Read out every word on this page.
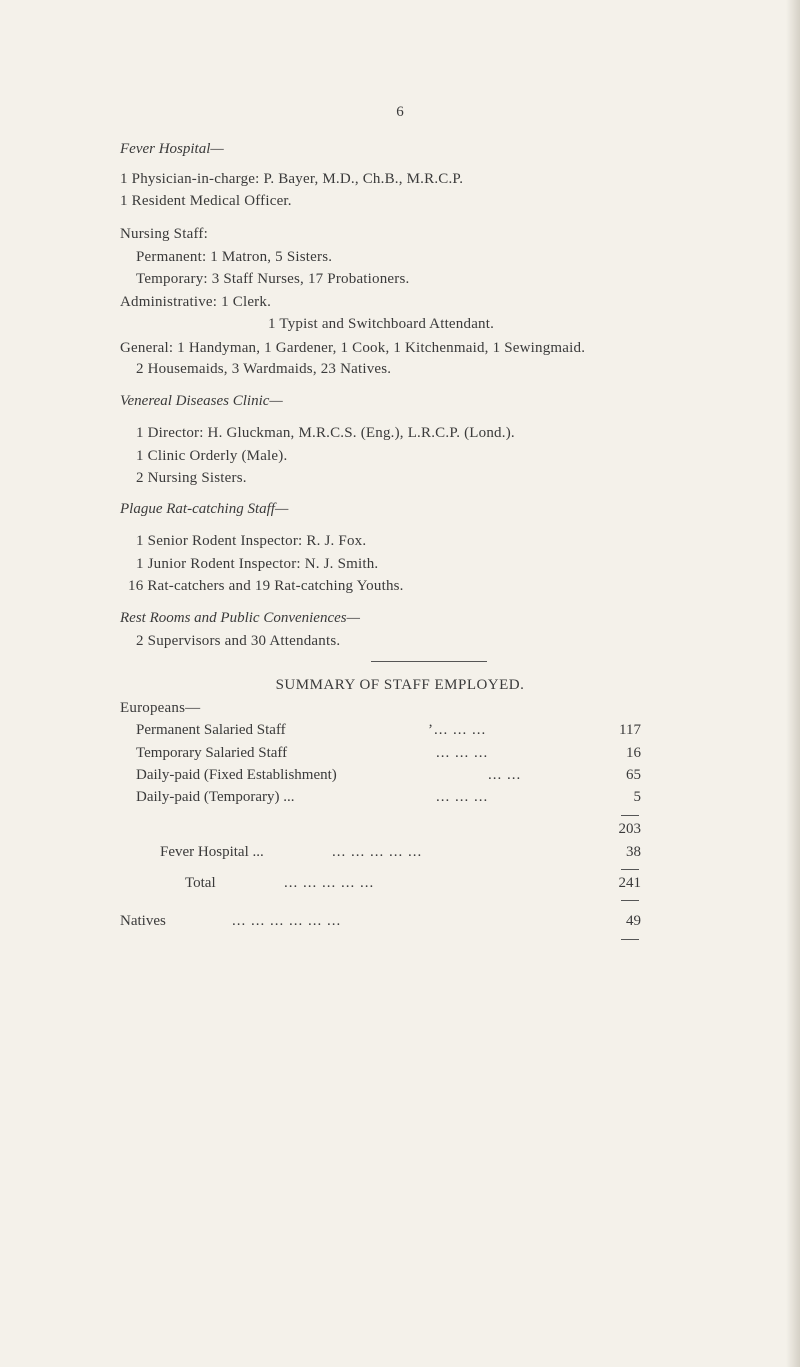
6
Fever Hospital—
1 Physician-in-charge: P. Bayer, M.D., Ch.B., M.R.C.P.
1 Resident Medical Officer.
Nursing Staff:
Permanent: 1 Matron, 5 Sisters.
Temporary: 3 Staff Nurses, 17 Probationers.
Administrative: 1 Clerk.
1 Typist and Switchboard Attendant.
General: 1 Handyman, 1 Gardener, 1 Cook, 1 Kitchenmaid, 1 Sewingmaid.
2 Housemaids, 3 Wardmaids, 23 Natives.
Venereal Diseases Clinic—
1 Director: H. Gluckman, M.R.C.S. (Eng.), L.R.C.P. (Lond.).
1 Clinic Orderly (Male).
2 Nursing Sisters.
Plague Rat-catching Staff—
1 Senior Rodent Inspector: R. J. Fox.
1 Junior Rodent Inspector: N. J. Smith.
16 Rat-catchers and 19 Rat-catching Youths.
Rest Rooms and Public Conveniences—
2 Supervisors and 30 Attendants.
SUMMARY OF STAFF EMPLOYED.
Europeans—
Permanent Salaried Staff	’... ... ...	117
Temporary Salaried Staff	... ... ...	16
Daily-paid (Fixed Establishment)	... ...	65
Daily-paid (Temporary) ...	... ... ...	5
203
Fever Hospital ...	... ... ... ... ...	38
Total	... ... ... ... ...	241
Natives	... ... ... ... ... ...	49
